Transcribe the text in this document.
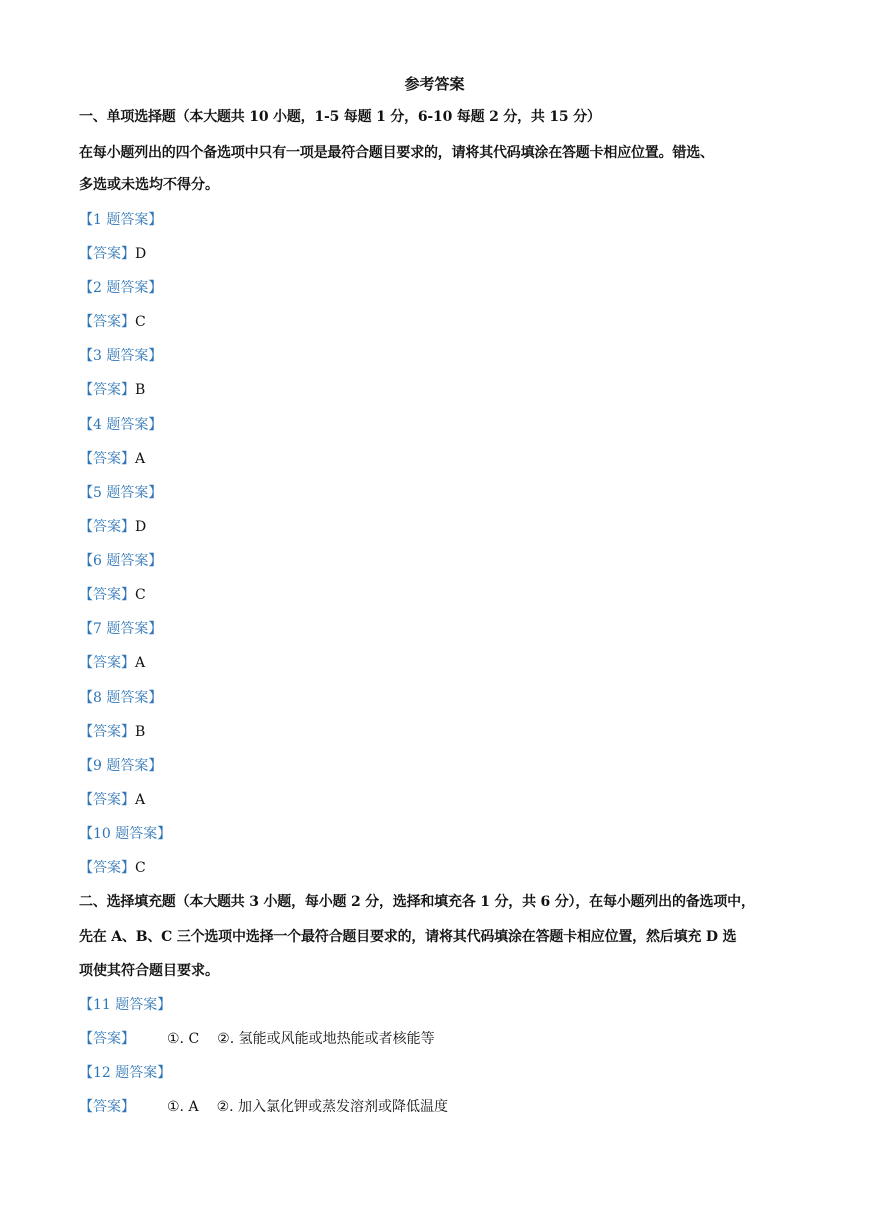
参考答案
一、单项选择题（本大题共 10 小题，1-5 每题 1 分，6-10 每题 2 分，共 15 分）
在每小题列出的四个备选项中只有一项是最符合题目要求的，请将其代码填涂在答题卡相应位置。错选、
多选或未选均不得分。
【1 题答案】
【答案】D
【2 题答案】
【答案】C
【3 题答案】
【答案】B
【4 题答案】
【答案】A
【5 题答案】
【答案】D
【6 题答案】
【答案】C
【7 题答案】
【答案】A
【8 题答案】
【答案】B
【9 题答案】
【答案】A
【10 题答案】
【答案】C
二、选择填充题（本大题共 3 小题，每小题 2 分，选择和填充各 1 分，共 6 分），在每小题列出的备选项中，
先在 A、B、C 三个选项中选择一个最符合题目要求的，请将其代码填涂在答题卡相应位置，然后填充 D 选
项使其符合题目要求。
【11 题答案】
【答案】 ①. C ②. 氢能或风能或地热能或者核能等
【12 题答案】
【答案】 ①. A ②. 加入氯化钾或蒸发溶剂或降低温度
